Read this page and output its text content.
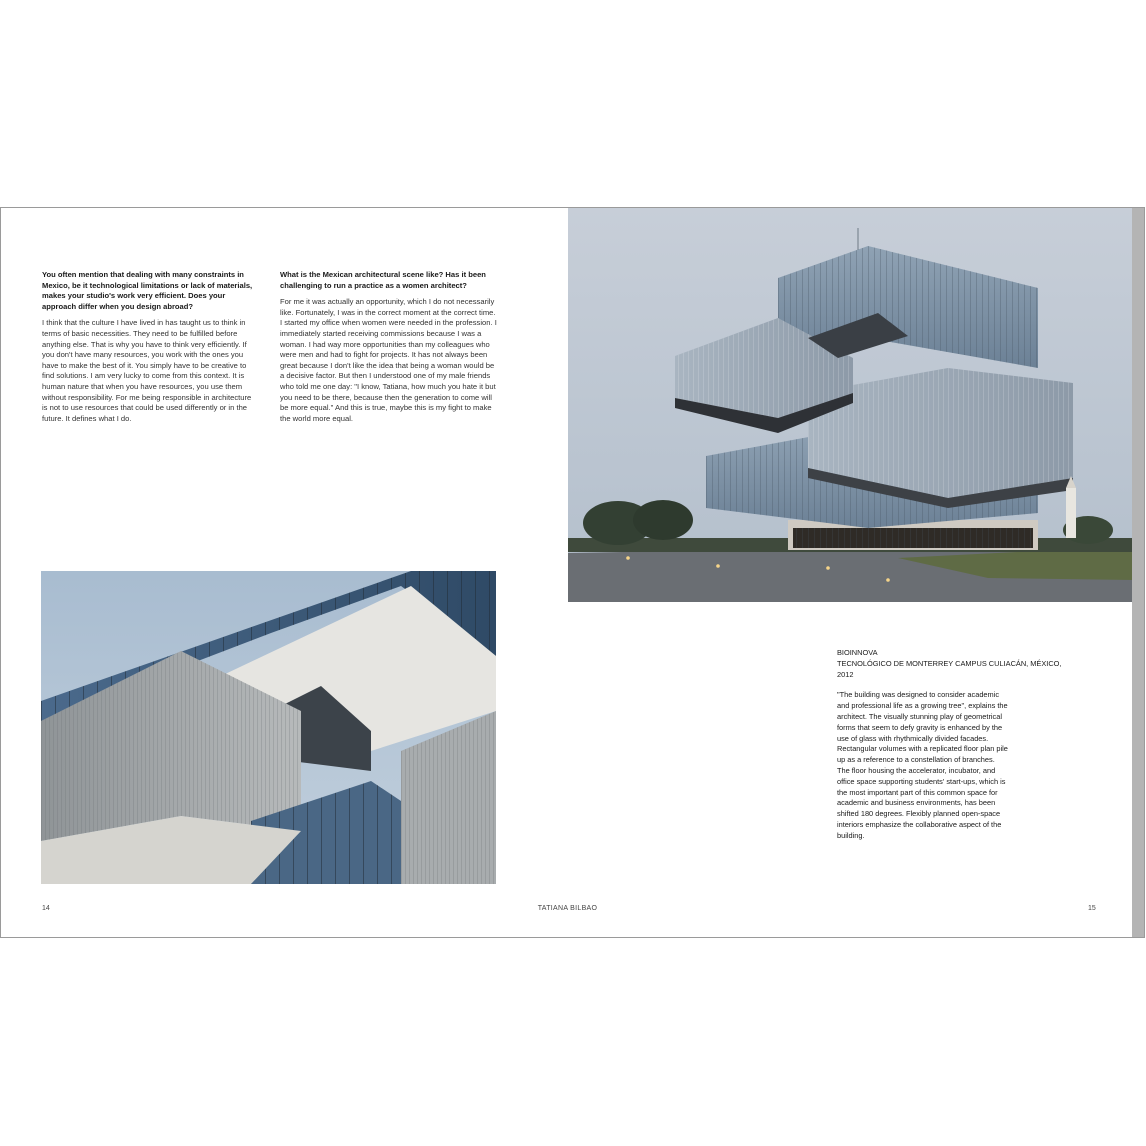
You often mention that dealing with many constraints in Mexico, be it technological limitations or lack of materials, makes your studio's work very efficient. Does your approach differ when you design abroad?

I think that the culture I have lived in has taught us to think in terms of basic necessities. They need to be fulfilled before anything else. That is why you have to think very efficiently. If you don't have many resources, you work with the ones you have to make the best of it. You simply have to be creative to find solutions. I am very lucky to come from this context. It is human nature that when you have resources, you use them without responsibility. For me being responsible in architecture is not to use resources that could be used differently or in the future. It defines what I do.

What is the Mexican architectural scene like? Has it been challenging to run a practice as a women architect?

For me it was actually an opportunity, which I do not necessarily like. Fortunately, I was in the correct moment at the correct time. I started my office when women were needed in the profession. I immediately started receiving commissions because I was a woman. I had way more opportunities than my colleagues who were men and had to fight for projects. It has not always been great because I don't like the idea that being a woman would be a decisive factor. But then I understood one of my male friends who told me one day: "I know, Tatiana, how much you hate it but you need to be there, because then the generation to come will be more equal." And this is true, maybe this is my fight to make the world more equal.

BIOINNOVA

TECNOLÓGICO DE MONTERREY CAMPUS CULIACÁN, MÉXICO, 2012

"The building was designed to consider academic and professional life as a growing tree", explains the architect. The visually stunning play of geometrical forms that seem to defy gravity is enhanced by the use of glass with rhythmically divided facades. Rectangular volumes with a replicated floor plan pile up as a reference to a constellation of branches. The floor housing the accelerator, incubator, and office space supporting students' start-ups, which is the most important part of this common space for academic and business environments, has been shifted 180 degrees. Flexibly planned open-space interiors emphasize the collaborative aspect of the building.

14	TATIANA BILBAO	15
